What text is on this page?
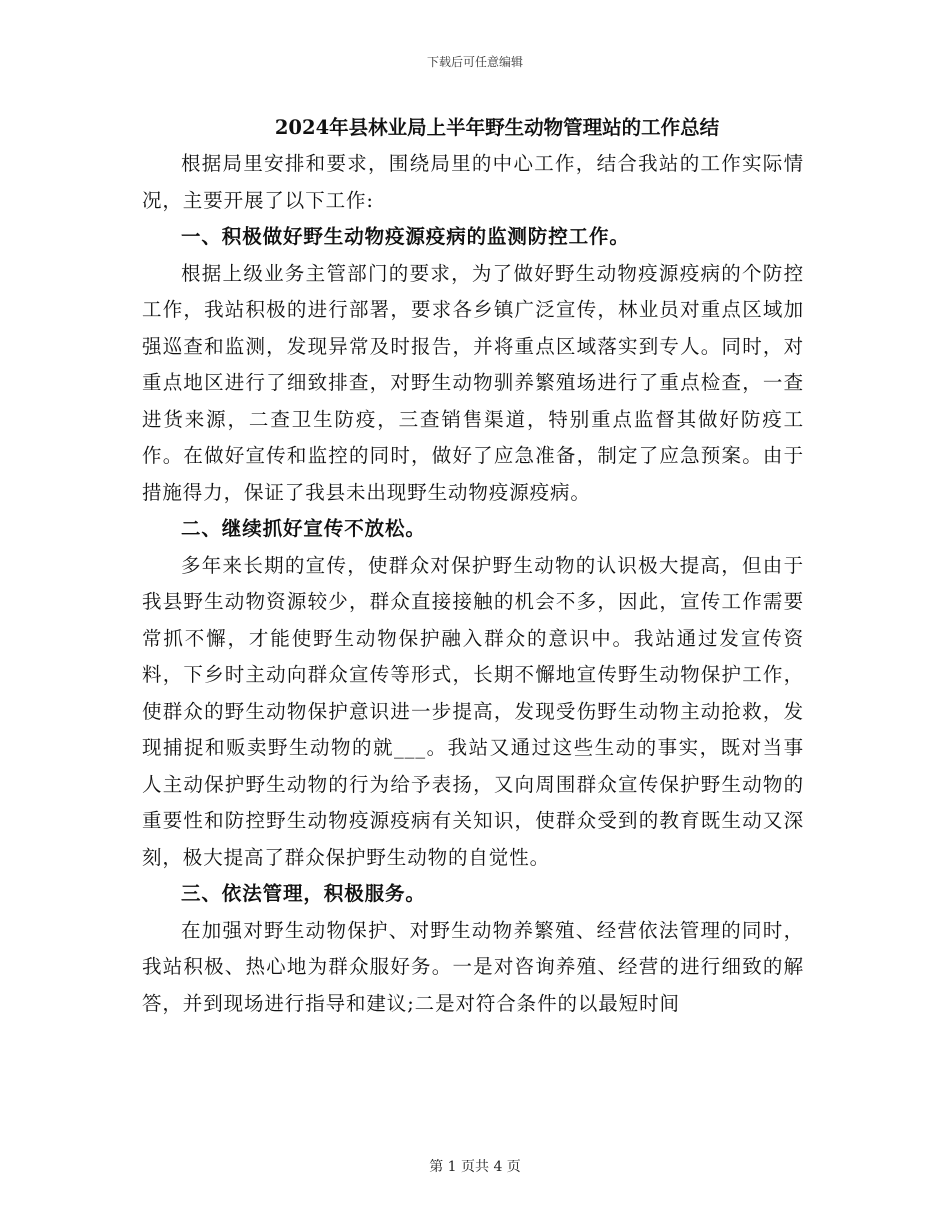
下载后可任意编辑
2024年县林业局上半年野生动物管理站的工作总结

根据局里安排和要求，围绕局里的中心工作，结合我站的工作实际情况，主要开展了以下工作:

一、积极做好野生动物疫源疫病的监测防控工作。

根据上级业务主管部门的要求，为了做好野生动物疫源疫病的个防控工作，我站积极的进行部署，要求各乡镇广泛宣传，林业员对重点区域加强巡查和监测，发现异常及时报告，并将重点区域落实到专人。同时，对重点地区进行了细致排查，对野生动物驯养繁殖场进行了重点检查，一查进货来源，二查卫生防疫，三查销售渠道，特别重点监督其做好防疫工作。在做好宣传和监控的同时，做好了应急准备，制定了应急预案。由于措施得力，保证了我县未出现野生动物疫源疫病。

二、继续抓好宣传不放松。

多年来长期的宣传，使群众对保护野生动物的认识极大提高，但由于我县野生动物资源较少，群众直接接触的机会不多，因此，宣传工作需要常抓不懈，才能使野生动物保护融入群众的意识中。我站通过发宣传资料，下乡时主动向群众宣传等形式，长期不懈地宣传野生动物保护工作，使群众的野生动物保护意识进一步提高，发现受伤野生动物主动抢救，发现捕捉和贩卖野生动物的就___。我站又通过这些生动的事实，既对当事人主动保护野生动物的行为给予表扬，又向周围群众宣传保护野生动物的重要性和防控野生动物疫源疫病有关知识，使群众受到的教育既生动又深刻，极大提高了群众保护野生动物的自觉性。

三、依法管理，积极服务。

在加强对野生动物保护、对野生动物养繁殖、经营依法管理的同时，我站积极、热心地为群众服好务。一是对咨询养殖、经营的进行细致的解答，并到现场进行指导和建议;二是对符合条件的以最短时间

第 1 页共 4 页
